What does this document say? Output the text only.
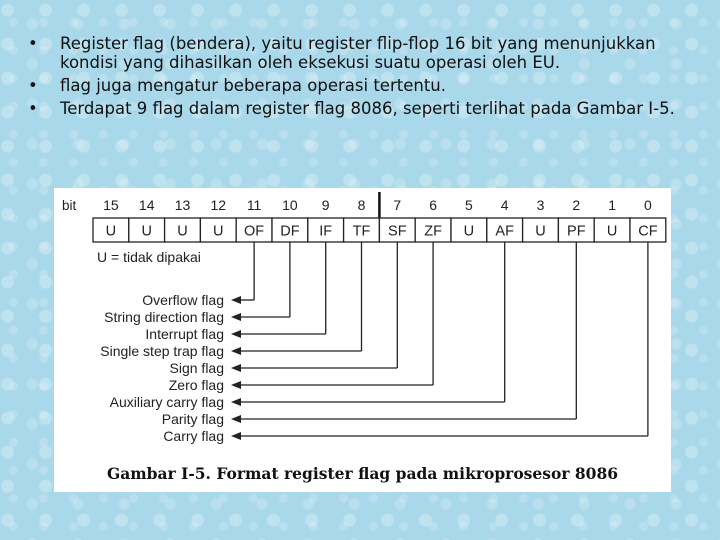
• Register flag (bendera), yaitu register flip-flop 16 bit yang menunjukkan kondisi yang dihasilkan oleh eksekusi suatu operasi oleh EU.
• flag juga mengatur beberapa operasi tertentu.
• Terdapat 9 flag dalam register flag 8086, seperti terlihat pada Gambar I-5.
bit 15 14 13 12 11 10 9 8 7 6 5 4 3 2 1 0
U U U U OF DF IF TF SF ZF U AF U PF U CF
U = tidak dipakai
Overflow flag
String direction flag
Interrupt flag
Single step trap flag
Sign flag
Zero flag
Auxiliary carry flag
Parity flag
Carry flag
Gambar I-5. Format register flag pada mikroprosesor 8086
